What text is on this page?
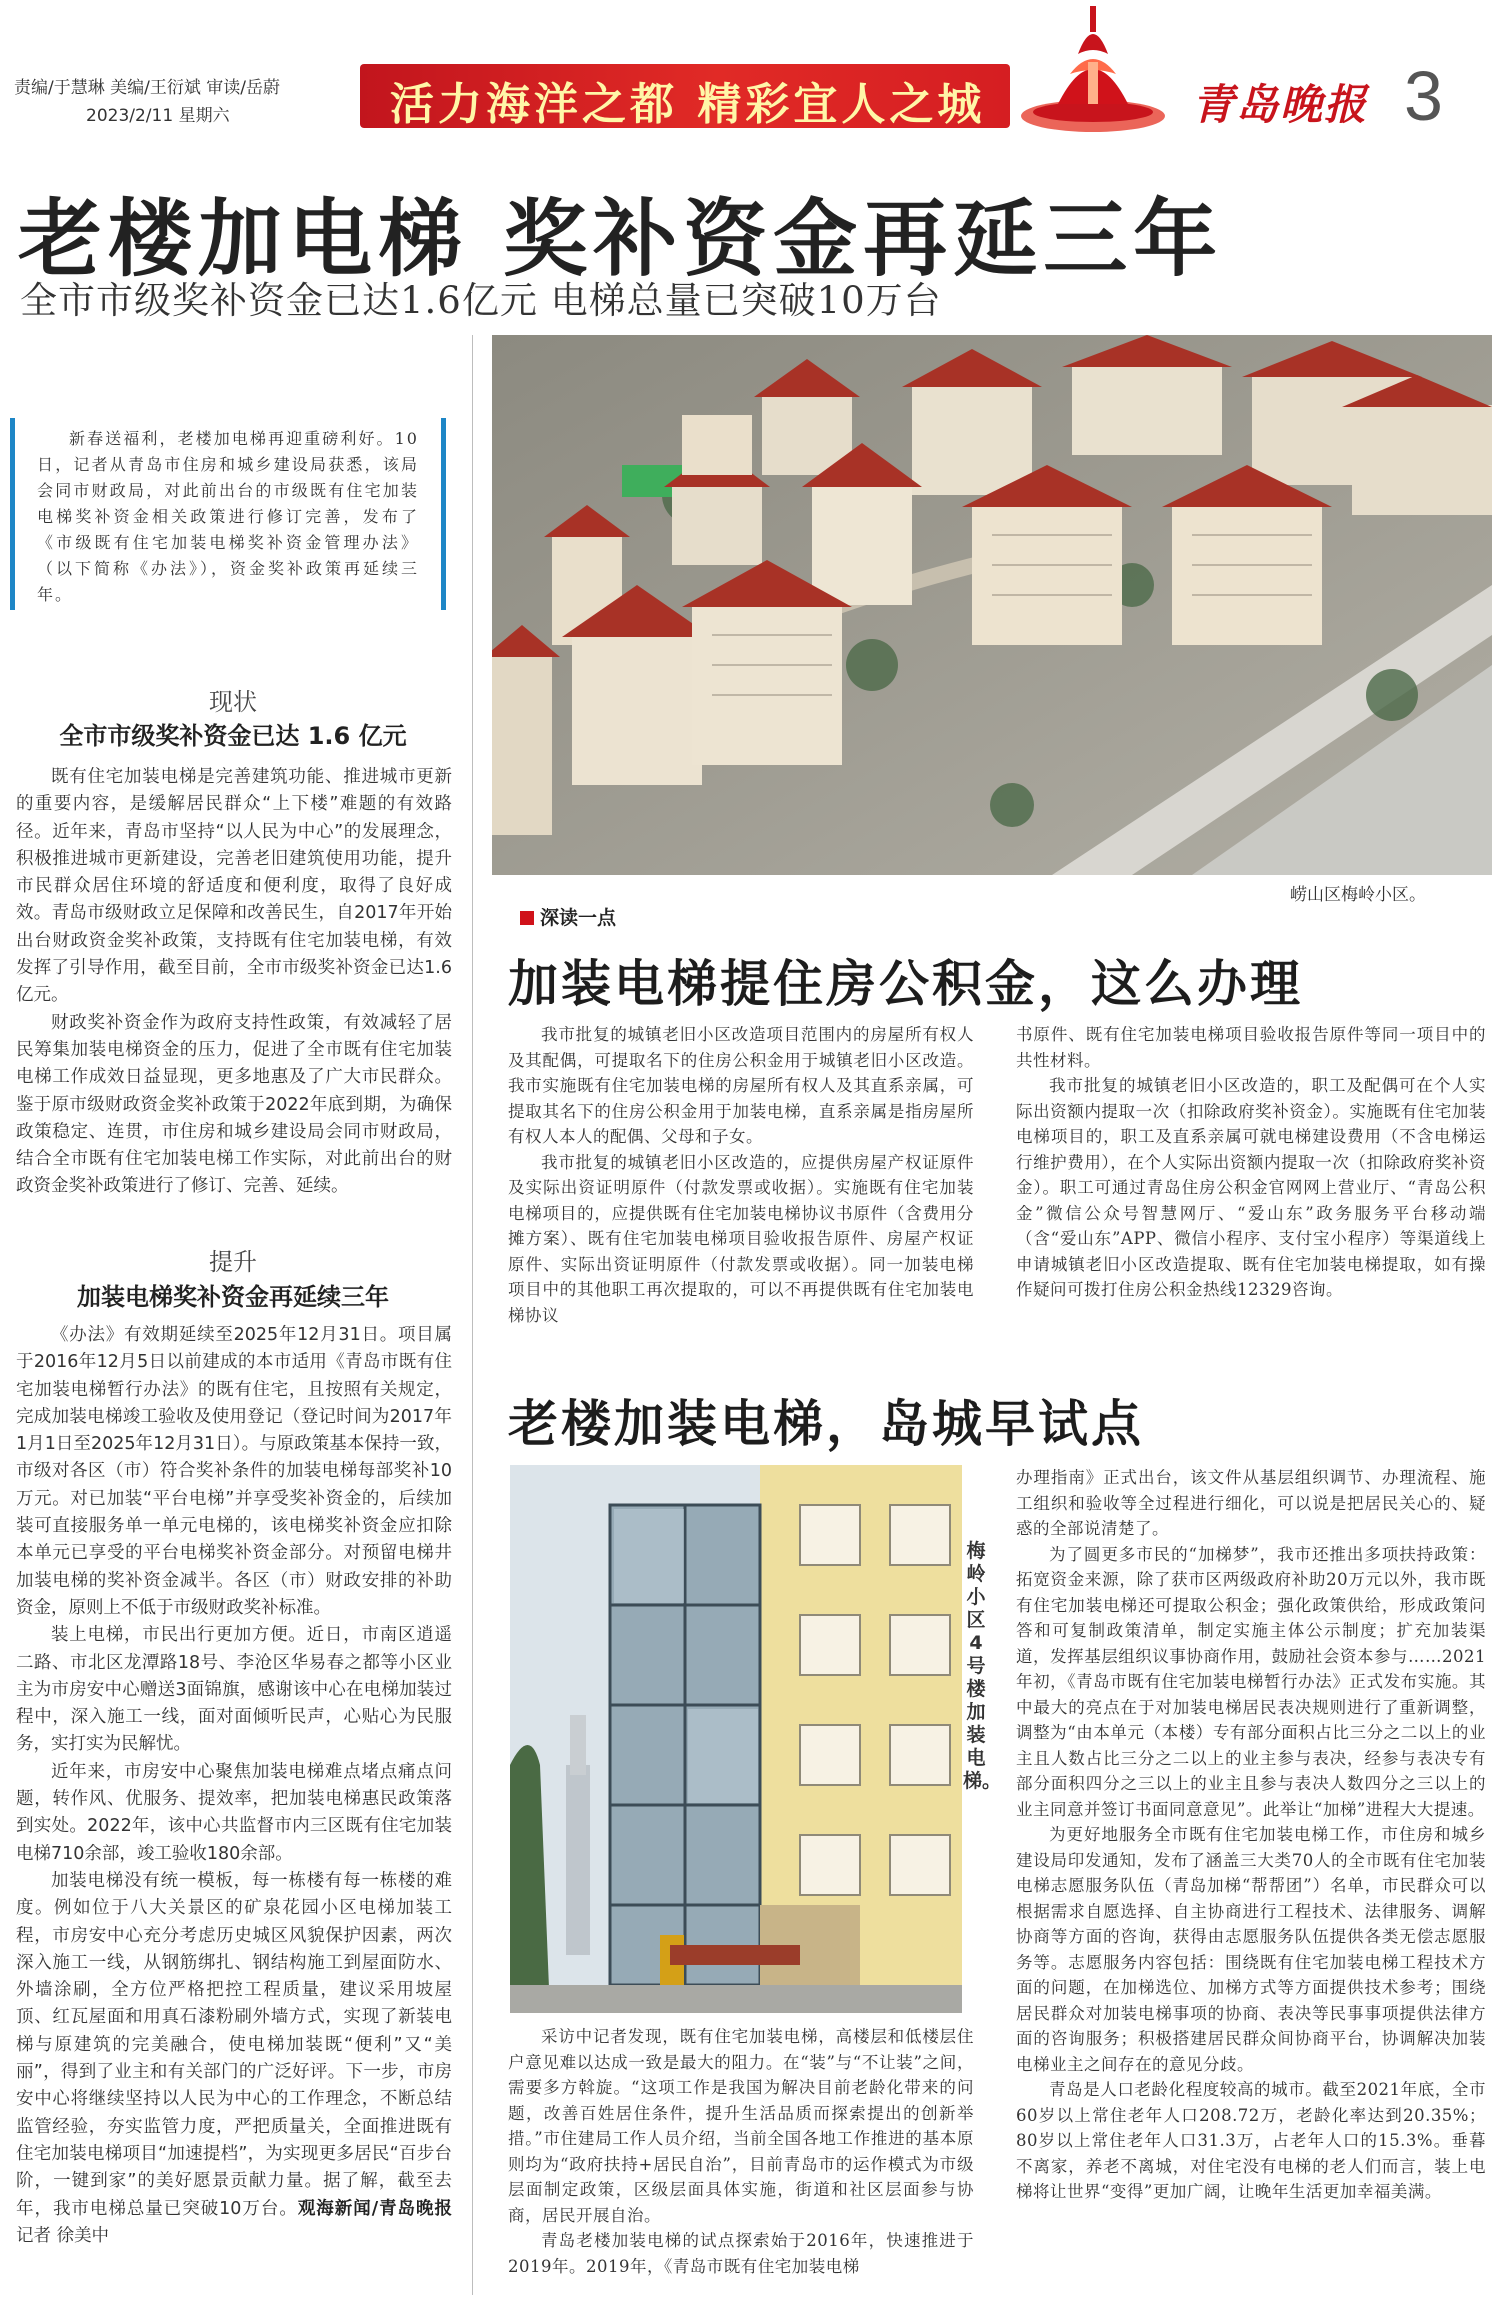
责编/于慧琳 美编/王衍斌 审读/岳蔚
2023/2/11 星期六	活力海洋之都 精彩宜人之城	青岛晚报 3
老楼加电梯 奖补资金再延三年
全市市级奖补资金已达1.6亿元 电梯总量已突破10万台

新春送福利，老楼加电梯再迎重磅利好。10日，记者从青岛市住房和城乡建设局获悉，该局会同市财政局，对此前出台的市级既有住宅加装电梯奖补资金相关政策进行修订完善，发布了《市级既有住宅加装电梯奖补资金管理办法》（以下简称《办法》），资金奖补政策再延续三年。

现状
全市市级奖补资金已达 1.6 亿元

既有住宅加装电梯是完善建筑功能、推进城市更新的重要内容，是缓解居民群众“上下楼”难题的有效路径。近年来，青岛市坚持“以人民为中心”的发展理念，积极推进城市更新建设，完善老旧建筑使用功能，提升市民群众居住环境的舒适度和便利度，取得了良好成效。青岛市级财政立足保障和改善民生，自2017年开始出台财政资金奖补政策，支持既有住宅加装电梯，有效发挥了引导作用，截至目前，全市市级奖补资金已达1.6亿元。

财政奖补资金作为政府支持性政策，有效减轻了居民筹集加装电梯资金的压力，促进了全市既有住宅加装电梯工作成效日益显现，更多地惠及了广大市民群众。鉴于原市级财政资金奖补政策于2022年底到期，为确保政策稳定、连贯，市住房和城乡建设局会同市财政局，结合全市既有住宅加装电梯工作实际，对此前出台的财政资金奖补政策进行了修订、完善、延续。

提升
加装电梯奖补资金再延续三年

《办法》有效期延续至2025年12月31日。项目属于2016年12月5日以前建成的本市适用《青岛市既有住宅加装电梯暂行办法》的既有住宅，且按照有关规定，完成加装电梯竣工验收及使用登记（登记时间为2017年1月1日至2025年12月31日）。与原政策基本保持一致，市级对各区（市）符合奖补条件的加装电梯每部奖补10万元。对已加装“平台电梯”并享受奖补资金的，后续加装可直接服务单一单元电梯的，该电梯奖补资金应扣除本单元已享受的平台电梯奖补资金部分。对预留电梯井加装电梯的奖补资金减半。各区（市）财政安排的补助资金，原则上不低于市级财政奖补标准。

装上电梯，市民出行更加方便。近日，市南区逍遥二路、市北区龙潭路18号、李沧区华易春之都等小区业主为市房安中心赠送3面锦旗，感谢该中心在电梯加装过程中，深入施工一线，面对面倾听民声，心贴心为民服务，实打实为民解忧。

近年来，市房安中心聚焦加装电梯难点堵点痛点问题，转作风、优服务、提效率，把加装电梯惠民政策落到实处。2022年，该中心共监督市内三区既有住宅加装电梯710余部，竣工验收180余部。

加装电梯没有统一模板，每一栋楼有每一栋楼的难度。例如位于八大关景区的矿泉花园小区电梯加装工程，市房安中心充分考虑历史城区风貌保护因素，两次深入施工一线，从钢筋绑扎、钢结构施工到屋面防水、外墙涂刷，全方位严格把控工程质量，建议采用坡屋顶、红瓦屋面和用真石漆粉刷外墙方式，实现了新装电梯与原建筑的完美融合，使电梯加装既“便利”又“美丽”，得到了业主和有关部门的广泛好评。下一步，市房安中心将继续坚持以人民为中心的工作理念，不断总结监管经验，夯实监管力度，严把质量关，全面推进既有住宅加装电梯项目“加速提档”，为实现更多居民“百步台阶，一键到家”的美好愿景贡献力量。据了解，截至去年，我市电梯总量已突破10万台。观海新闻/青岛晚报 记者 徐美中

崂山区梅岭小区。
深读一点
加装电梯提住房公积金，这么办理

我市批复的城镇老旧小区改造项目范围内的房屋所有权人及其配偶，可提取名下的住房公积金用于城镇老旧小区改造。我市实施既有住宅加装电梯的房屋所有权人及其直系亲属，可提取其名下的住房公积金用于加装电梯，直系亲属是指房屋所有权人本人的配偶、父母和子女。

我市批复的城镇老旧小区改造的，应提供房屋产权证原件及实际出资证明原件（付款发票或收据）。实施既有住宅加装电梯项目的，应提供既有住宅加装电梯协议书原件（含费用分摊方案）、既有住宅加装电梯项目验收报告原件、房屋产权证原件、实际出资证明原件（付款发票或收据）。同一加装电梯项目中的其他职工再次提取的，可以不再提供既有住宅加装电梯协议

书原件、既有住宅加装电梯项目验收报告原件等同一项目中的共性材料。

我市批复的城镇老旧小区改造的，职工及配偶可在个人实际出资额内提取一次（扣除政府奖补资金）。实施既有住宅加装电梯项目的，职工及直系亲属可就电梯建设费用（不含电梯运行维护费用），在个人实际出资额内提取一次（扣除政府奖补资金）。职工可通过青岛住房公积金官网网上营业厅、“青岛公积金”微信公众号智慧网厅、“爱山东”政务服务平台移动端（含“爱山东”APP、微信小程序、支付宝小程序）等渠道线上申请城镇老旧小区改造提取、既有住宅加装电梯提取，如有操作疑问可拨打住房公积金热线12329咨询。

老楼加装电梯，岛城早试点
梅岭小区4号楼加装电梯。

采访中记者发现，既有住宅加装电梯，高楼层和低楼层住户意见难以达成一致是最大的阻力。在“装”与“不让装”之间，需要多方斡旋。“这项工作是我国为解决目前老龄化带来的问题，改善百姓居住条件，提升生活品质而探索提出的创新举措。”市住建局工作人员介绍，当前全国各地工作推进的基本原则均为“政府扶持+居民自治”，目前青岛市的运作模式为市级层面制定政策，区级层面具体实施，街道和社区层面参与协商，居民开展自治。

青岛老楼加装电梯的试点探索始于2016年，快速推进于2019年。2019年，《青岛市既有住宅加装电梯

办理指南》正式出台，该文件从基层组织调节、办理流程、施工组织和验收等全过程进行细化，可以说是把居民关心的、疑惑的全部说清楚了。

为了圆更多市民的“加梯梦”，我市还推出多项扶持政策：拓宽资金来源，除了获市区两级政府补助20万元以外，我市既有住宅加装电梯还可提取公积金；强化政策供给，形成政策问答和可复制政策清单，制定实施主体公示制度；扩充加装渠道，发挥基层组织议事协商作用，鼓励社会资本参与……2021年初，《青岛市既有住宅加装电梯暂行办法》正式发布实施。其中最大的亮点在于对加装电梯居民表决规则进行了重新调整，调整为“由本单元（本楼）专有部分面积占比三分之二以上的业主且人数占比三分之二以上的业主参与表决，经参与表决专有部分面积四分之三以上的业主且参与表决人数四分之三以上的业主同意并签订书面同意意见”。此举让“加梯”进程大大提速。

为更好地服务全市既有住宅加装电梯工作，市住房和城乡建设局印发通知，发布了涵盖三大类70人的全市既有住宅加装电梯志愿服务队伍（青岛加梯“帮帮团”）名单，市民群众可以根据需求自愿选择、自主协商进行工程技术、法律服务、调解协商等方面的咨询，获得由志愿服务队伍提供各类无偿志愿服务等。志愿服务内容包括：围绕既有住宅加装电梯工程技术方面的问题，在加梯选位、加梯方式等方面提供技术参考；围绕居民群众对加装电梯事项的协商、表决等民事事项提供法律方面的咨询服务；积极搭建居民群众间协商平台，协调解决加装电梯业主之间存在的意见分歧。

青岛是人口老龄化程度较高的城市。截至2021年底，全市60岁以上常住老年人口208.72万，老龄化率达到20.35%；80岁以上常住老年人口31.3万，占老年人口的15.3%。垂暮不离家，养老不离城，对住宅没有电梯的老人们而言，装上电梯将让世界“变得”更加广阔，让晚年生活更加幸福美满。
